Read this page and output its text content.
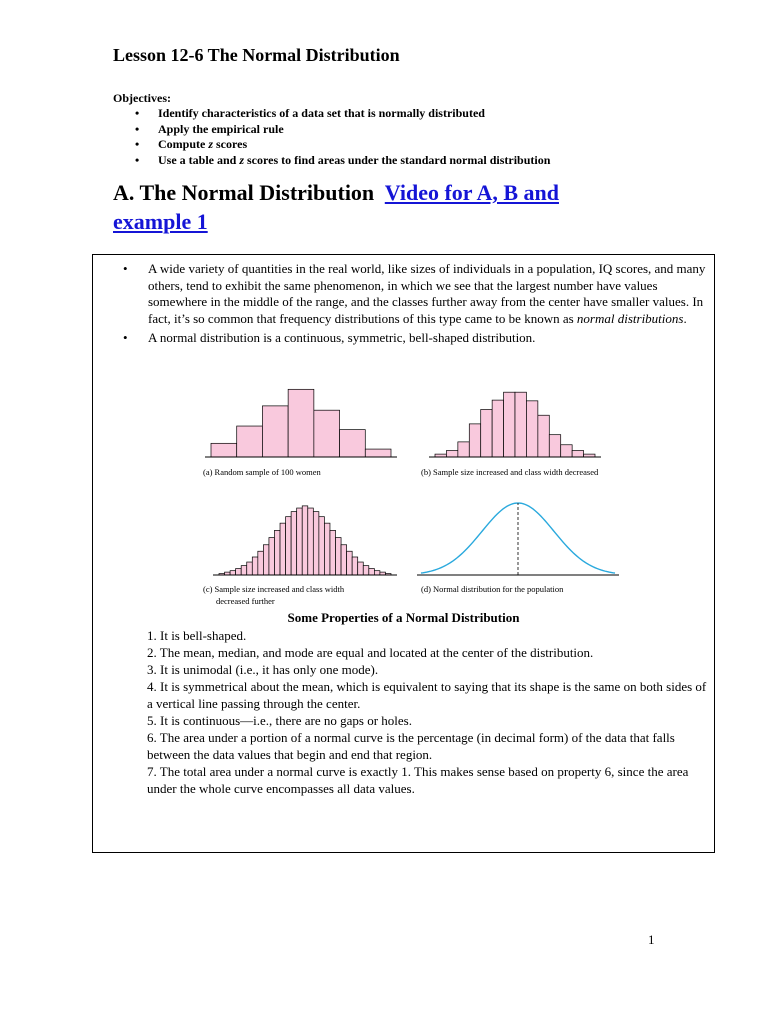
Lesson 12-6 The Normal Distribution
Objectives:
• Identify characteristics of a data set that is normally distributed
• Apply the empirical rule
• Compute z scores
• Use a table and z scores to find areas under the standard normal distribution
A. The Normal Distribution Video for A, B and example 1
• A wide variety of quantities in the real world, like sizes of individuals in a population, IQ scores, and many others, tend to exhibit the same phenomenon, in which we see that the largest number have values somewhere in the middle of the range, and the classes further away from the center have smaller values. In fact, it’s so common that frequency distributions of this type came to be known as normal distributions.
• A normal distribution is a continuous, symmetric, bell-shaped distribution.
(a) Random sample of 100 women	(b) Sample size increased and class width decreased
(c) Sample size increased and class width
decreased further
(d) Normal distribution for the population
Some Properties of a Normal Distribution
1. It is bell-shaped.
2. The mean, median, and mode are equal and located at the center of the distribution.
3. It is unimodal (i.e., it has only one mode).
4. It is symmetrical about the mean, which is equivalent to saying that its shape is the same on both sides of a vertical line passing through the center.
5. It is continuous—i.e., there are no gaps or holes.
6. The area under a portion of a normal curve is the percentage (in decimal form) of the data that falls between the data values that begin and end that region.
7. The total area under a normal curve is exactly 1. This makes sense based on property 6, since the area under the whole curve encompasses all data values.
1
